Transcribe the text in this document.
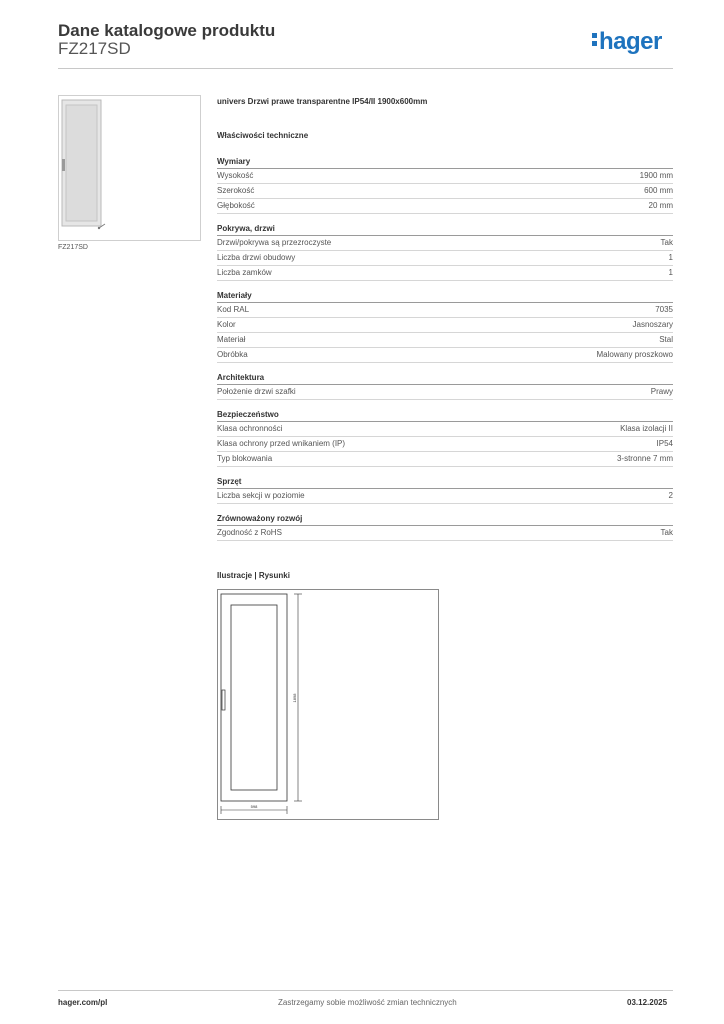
Dane katalogowe produktu
FZ217SD	hager
FZ217SD
univers Drzwi prawe transparentne IP54/II 1900x600mm
Właściwości techniczne
Wymiary
Wysokość	1900 mm
Szerokość	600 mm
Głębokość	20 mm
Pokrywa, drzwi
Drzwi/pokrywa są przezroczyste	Tak
Liczba drzwi obudowy	1
Liczba zamków	1
Materiały
Kod RAL	7035
Kolor	Jasnoszary
Materiał	Stal
Obróbka	Malowany proszkowo
Architektura
Położenie drzwi szafki	Prawy
Bezpieczeństwo
Klasa ochronności	Klasa izolacji II
Klasa ochrony przed wnikaniem (IP)	IP54
Typ blokowania	3-stronne 7 mm
Sprzęt
Liczba sekcji w poziomie	2
Zrównoważony rozwój
Zgodność z RoHS	Tak
Ilustracje | Rysunki
598
1898
hager.com/pl	Zastrzegamy sobie możliwość zmian technicznych	03.12.2025
